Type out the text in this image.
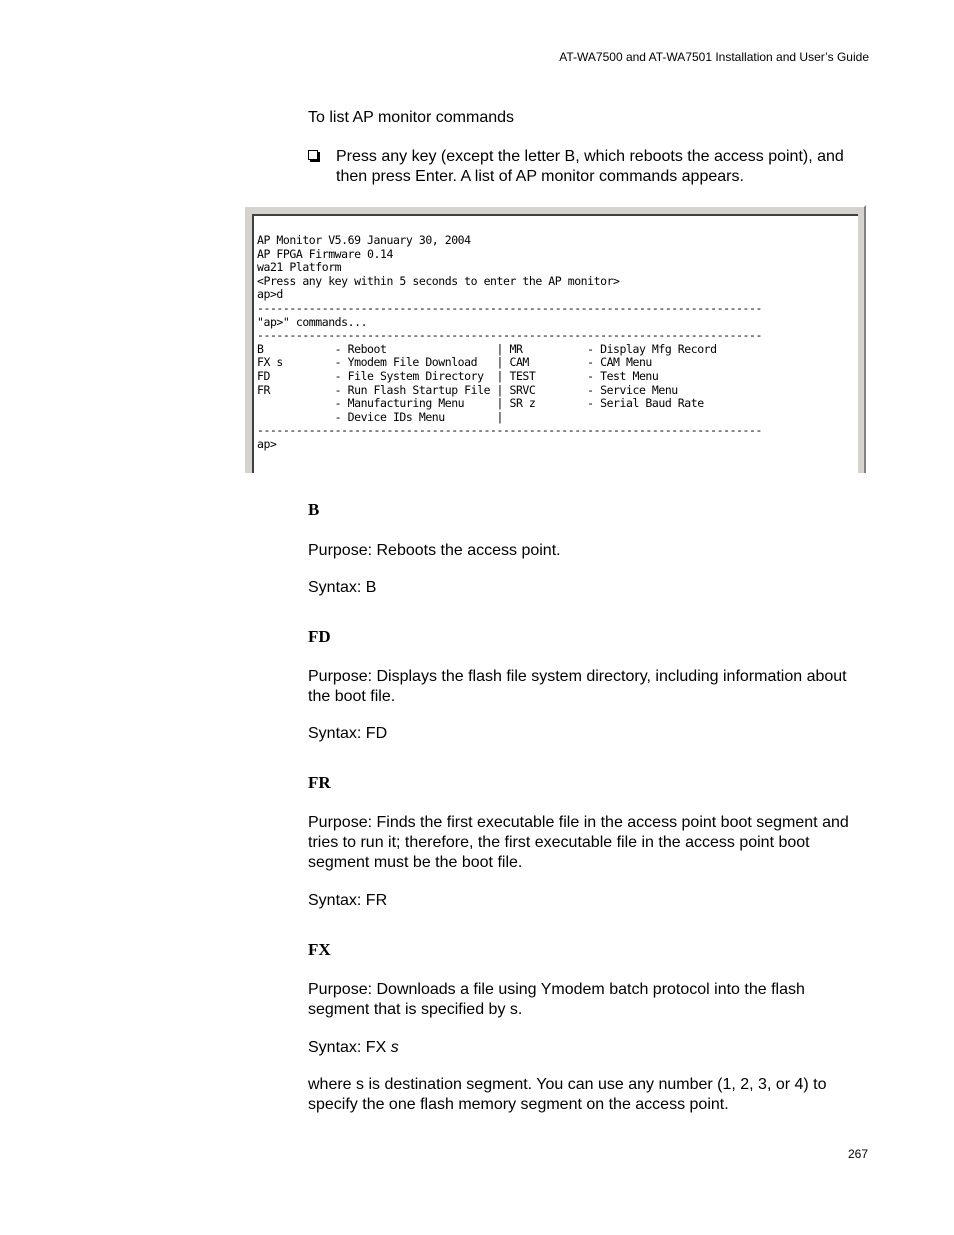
AT-WA7500 and AT-WA7501 Installation and User’s Guide
To list AP monitor commands
Press any key (except the letter B, which reboots the access point), and then press Enter. A list of AP monitor commands appears.
AP Monitor V5.69 January 30, 2004
AP FPGA Firmware 0.14
wa21 Platform
<Press any key within 5 seconds to enter the AP monitor>
ap>d
------------------------------------------------------------------------------
"ap>" commands...
------------------------------------------------------------------------------
B           - Reboot                 | MR          - Display Mfg Record
FX s        - Ymodem File Download   | CAM         - CAM Menu
FD          - File System Directory  | TEST        - Test Menu
FR          - Run Flash Startup File | SRVC        - Service Menu
- Manufacturing Menu     | SR z        - Serial Baud Rate
- Device IDs Menu        |
------------------------------------------------------------------------------
ap>
B
Purpose: Reboots the access point.
Syntax: B
FD
Purpose: Displays the flash file system directory, including information about the boot file.
Syntax: FD
FR
Purpose: Finds the first executable file in the access point boot segment and tries to run it; therefore, the first executable file in the access point boot segment must be the boot file.
Syntax: FR
FX
Purpose: Downloads a file using Ymodem batch protocol into the flash segment that is specified by s.
Syntax: FX s
where s is destination segment. You can use any number (1, 2, 3, or 4) to specify the one flash memory segment on the access point.
267
